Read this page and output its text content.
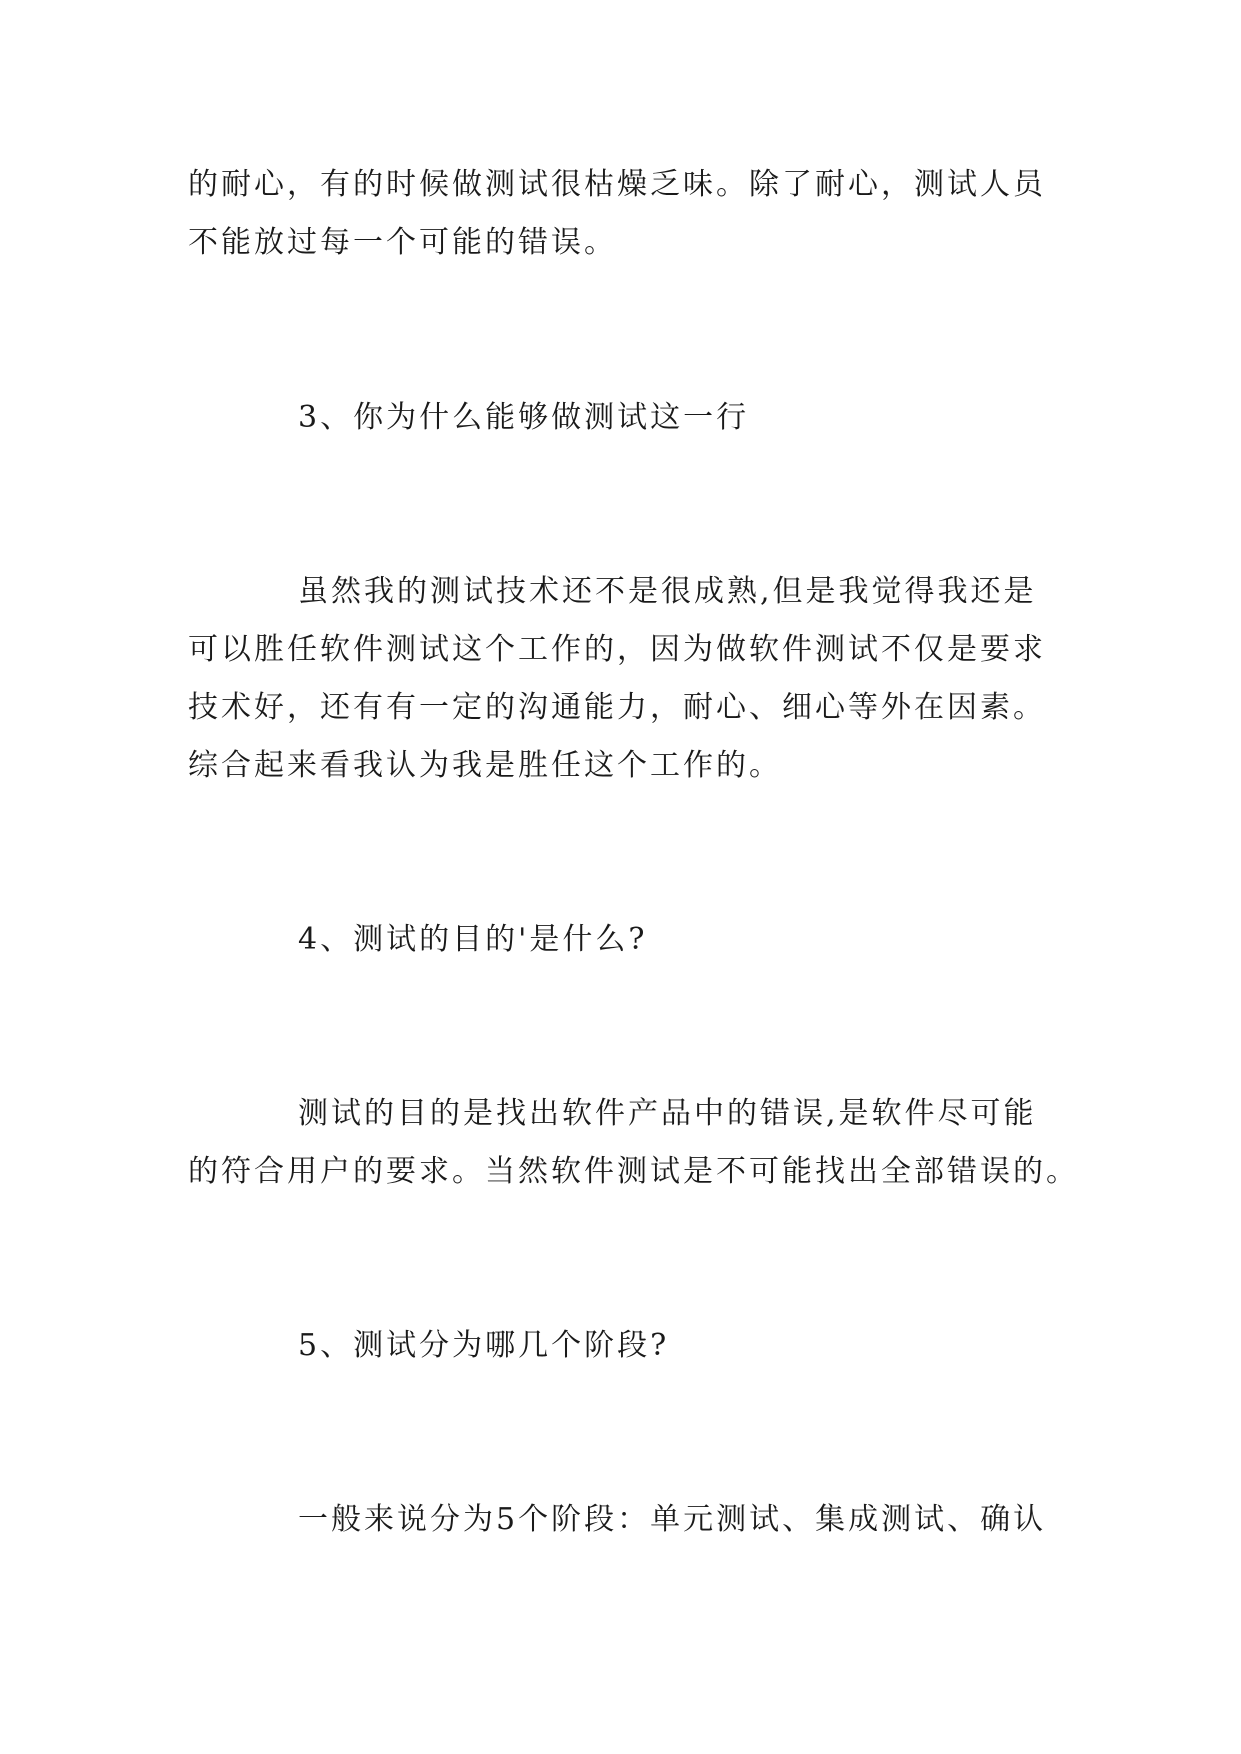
的耐心，有的时候做测试很枯燥乏味。除了耐心，测试人员
不能放过每一个可能的错误。
3、你为什么能够做测试这一行
虽然我的测试技术还不是很成熟,但是我觉得我还是
可以胜任软件测试这个工作的，因为做软件测试不仅是要求
技术好，还有有一定的沟通能力，耐心、细心等外在因素。
综合起来看我认为我是胜任这个工作的。
4、测试的目的'是什么?
测试的目的是找出软件产品中的错误,是软件尽可能
的符合用户的要求。当然软件测试是不可能找出全部错误的。
5、测试分为哪几个阶段?
一般来说分为5个阶段：单元测试、集成测试、确认
